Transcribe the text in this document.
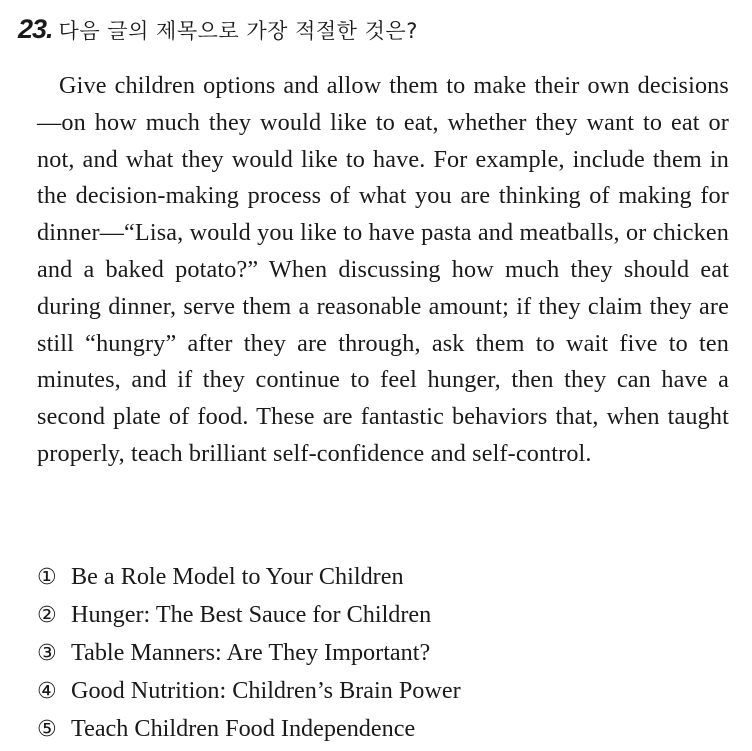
23. 다음 글의 제목으로 가장 적절한 것은?

Give children options and allow them to make their own decisions—on how much they would like to eat, whether they want to eat or not, and what they would like to have. For example, include them in the decision-making process of what you are thinking of making for dinner—“Lisa, would you like to have pasta and meatballs, or chicken and a baked potato?” When discussing how much they should eat during dinner, serve them a reasonable amount; if they claim they are still “hungry” after they are through, ask them to wait five to ten minutes, and if they continue to feel hunger, then they can have a second plate of food. These are fantastic behaviors that, when taught properly, teach brilliant self-confidence and self-control.

① Be a Role Model to Your Children
② Hunger: The Best Sauce for Children
③ Table Manners: Are They Important?
④ Good Nutrition: Children’s Brain Power
⑤ Teach Children Food Independence
